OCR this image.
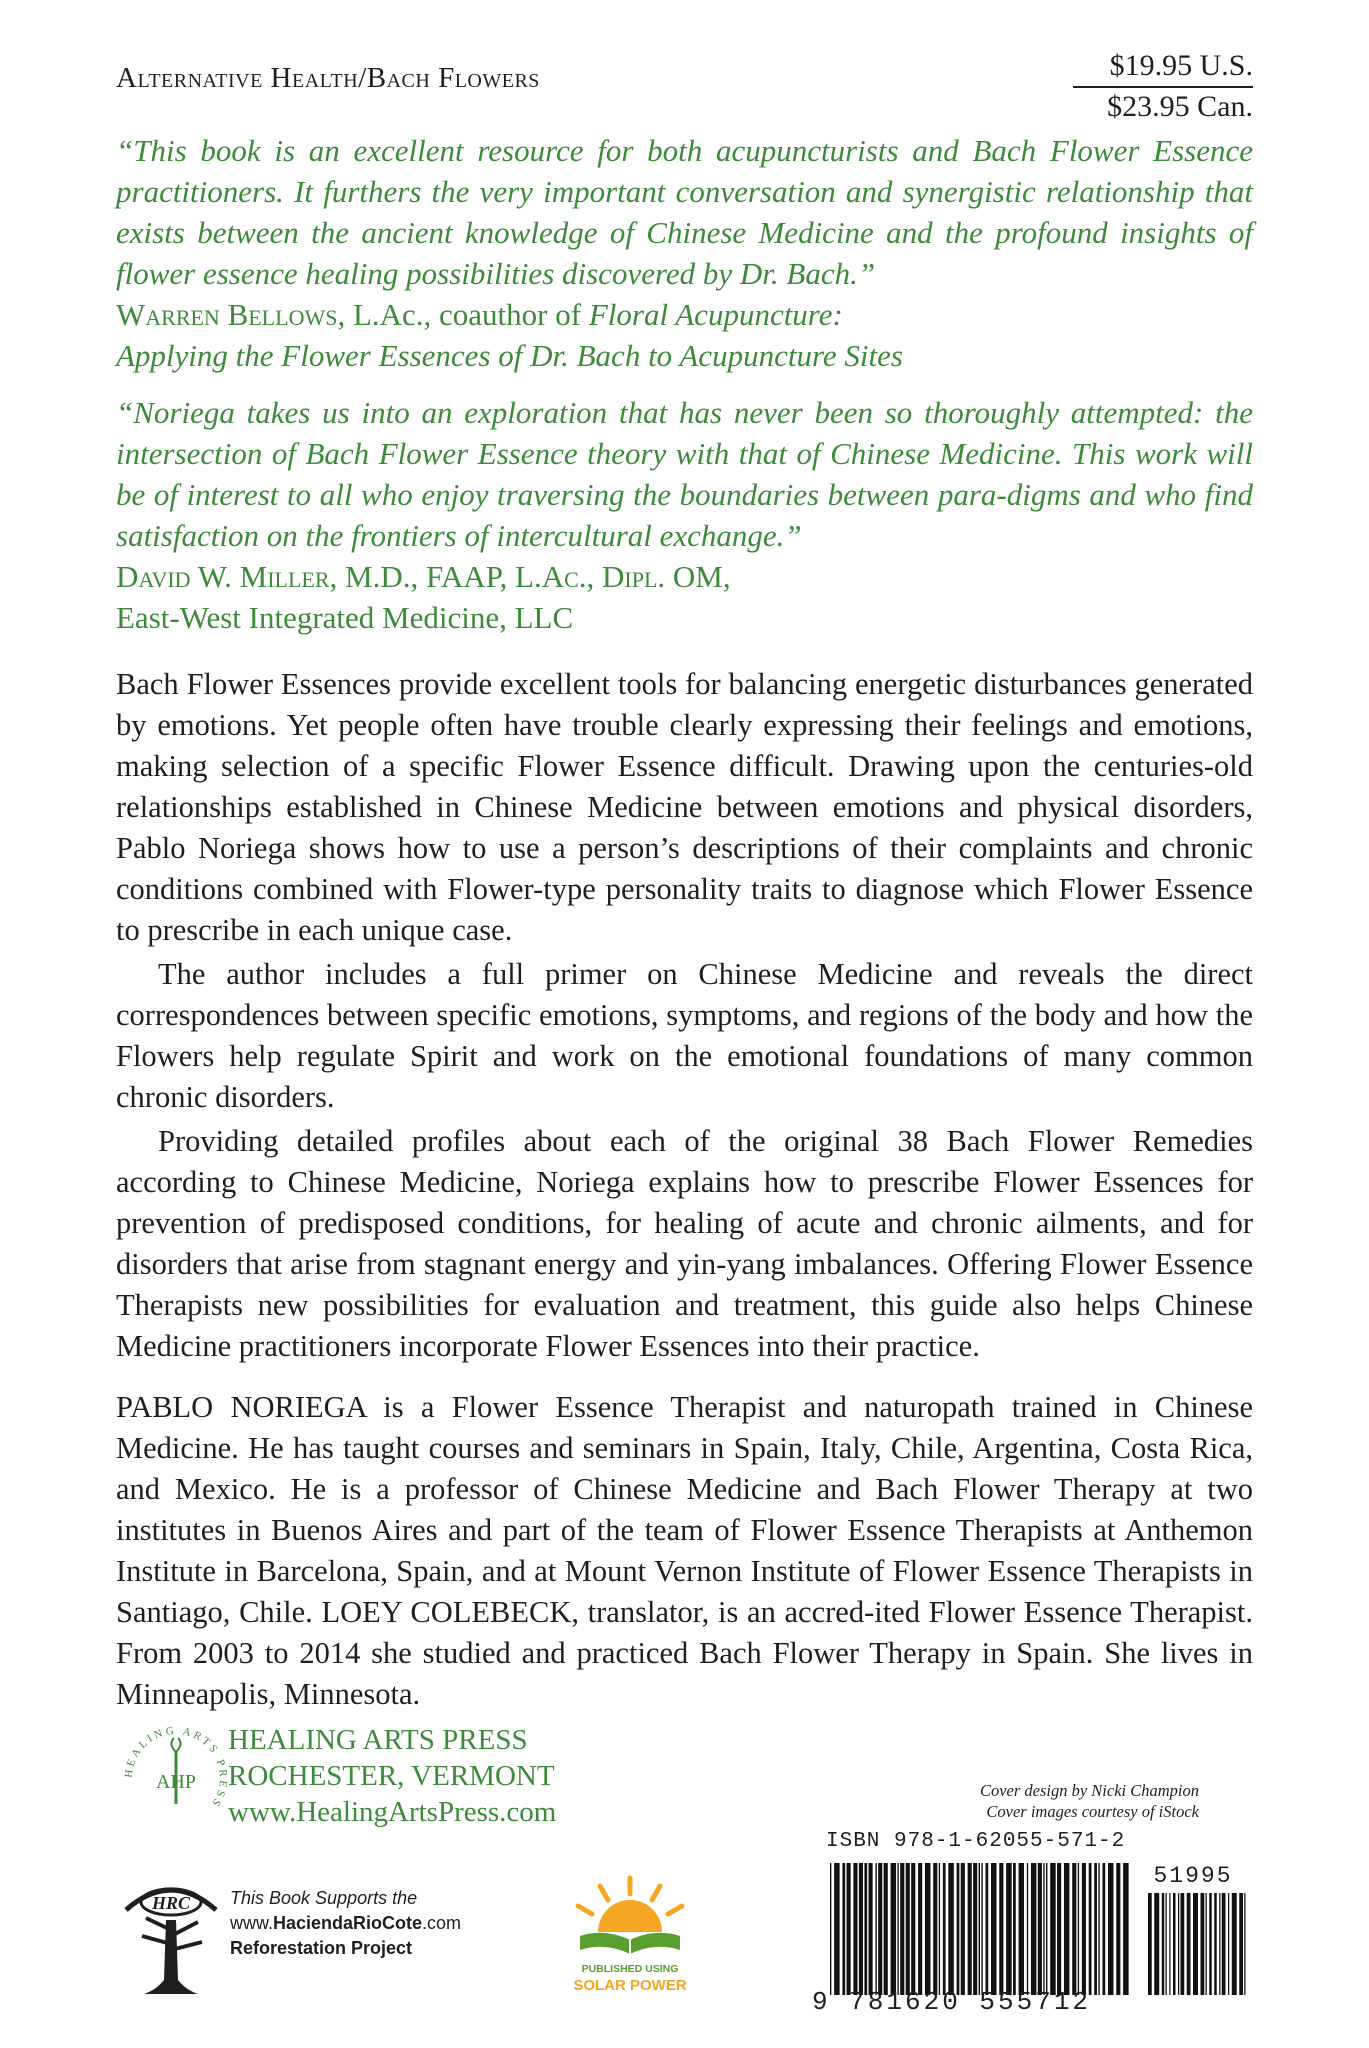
Alternative Health/Bach Flowers	$19.95 U.S.
$23.95 Can.

“This book is an excellent resource for both acupuncturists and Bach Flower Essence practitioners. It furthers the very important conversation and synergistic relationship that exists between the ancient knowledge of Chinese Medicine and the profound insights of flower essence healing possibilities discovered by Dr. Bach.”

Warren Bellows, L.Ac., coauthor of Floral Acupuncture:
Applying the Flower Essences of Dr. Bach to Acupuncture Sites

“Noriega takes us into an exploration that has never been so thoroughly attempted: the intersection of Bach Flower Essence theory with that of Chinese Medicine. This work will be of interest to all who enjoy traversing the boundaries between para-digms and who find satisfaction on the frontiers of intercultural exchange.”

David W. Miller, M.D., FAAP, L.Ac., Dipl. OM,
East-West Integrated Medicine, LLC

Bach Flower Essences provide excellent tools for balancing energetic disturbances generated by emotions. Yet people often have trouble clearly expressing their feelings and emotions, making selection of a specific Flower Essence difficult. Drawing upon the centuries-old relationships established in Chinese Medicine between emotions and physical disorders, Pablo Noriega shows how to use a person’s descriptions of their complaints and chronic conditions combined with Flower-type personality traits to diagnose which Flower Essence to prescribe in each unique case.

The author includes a full primer on Chinese Medicine and reveals the direct correspondences between specific emotions, symptoms, and regions of the body and how the Flowers help regulate Spirit and work on the emotional foundations of many common chronic disorders.

Providing detailed profiles about each of the original 38 Bach Flower Remedies according to Chinese Medicine, Noriega explains how to prescribe Flower Essences for prevention of predisposed conditions, for healing of acute and chronic ailments, and for disorders that arise from stagnant energy and yin-yang imbalances. Offering Flower Essence Therapists new possibilities for evaluation and treatment, this guide also helps Chinese Medicine practitioners incorporate Flower Essences into their practice.

PABLO NORIEGA is a Flower Essence Therapist and naturopath trained in Chinese Medicine. He has taught courses and seminars in Spain, Italy, Chile, Argentina, Costa Rica, and Mexico. He is a professor of Chinese Medicine and Bach Flower Therapy at two institutes in Buenos Aires and part of the team of Flower Essence Therapists at Anthemon Institute in Barcelona, Spain, and at Mount Vernon Institute of Flower Essence Therapists in Santiago, Chile. LOEY COLEBECK, translator, is an accred-ited Flower Essence Therapist. From 2003 to 2014 she studied and practiced Bach Flower Therapy in Spain. She lives in Minneapolis, Minnesota.

HEALING ARTS PRESS
AHP
HEALING ARTS PRESS
ROCHESTER, VERMONT
www.HealingArtsPress.com
HRC This Book Supports the
www.HaciendaRioCote.com
Reforestation Project
PUBLISHED USING
SOLAR POWER
Cover design by Nicki Champion
Cover images courtesy of iStock
ISBN 978-1-62055-571-2
51995
9 781620 555712
